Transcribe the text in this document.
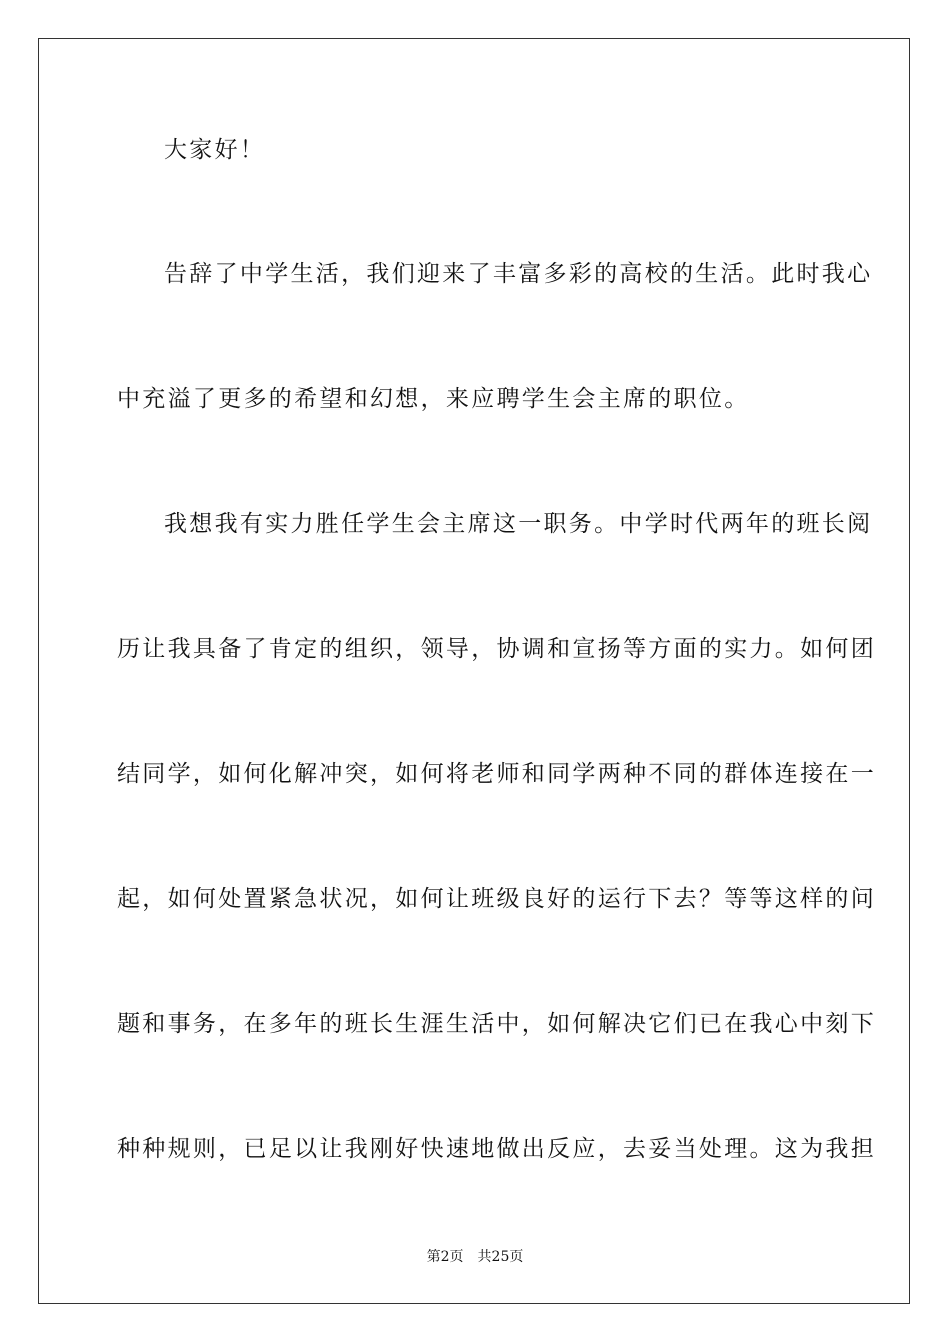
大家好！
告辞了中学生活，我们迎来了丰富多彩的高校的生活。此时我心
中充溢了更多的希望和幻想，来应聘学生会主席的职位。
我想我有实力胜任学生会主席这一职务。中学时代两年的班长阅
历让我具备了肯定的组织，领导，协调和宣扬等方面的实力。如何团
结同学，如何化解冲突，如何将老师和同学两种不同的群体连接在一
起，如何处置紧急状况，如何让班级良好的运行下去？等等这样的问
题和事务，在多年的班长生涯生活中，如何解决它们已在我心中刻下
种种规则，已足以让我刚好快速地做出反应，去妥当处理。这为我担
第2页 共25页
